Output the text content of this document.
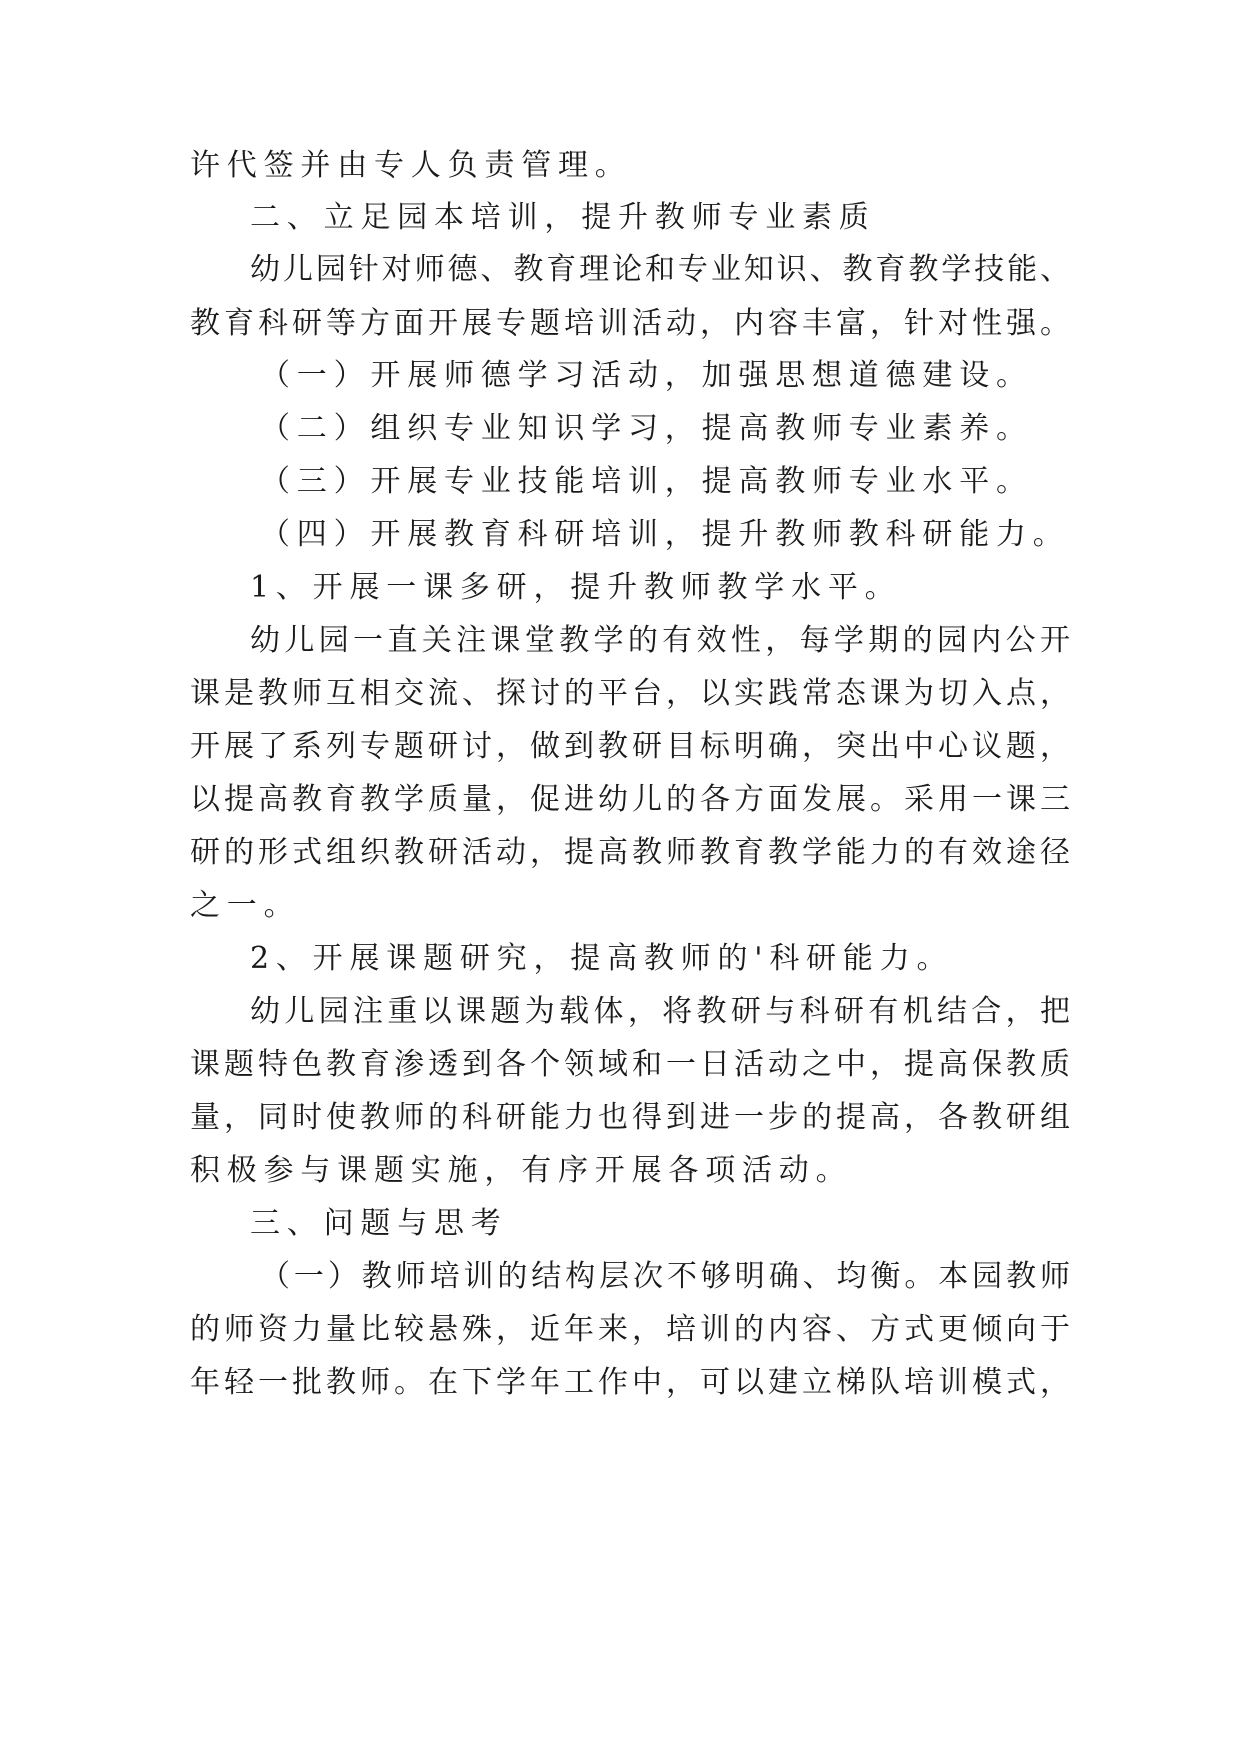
许代签并由专人负责管理。
二、立足园本培训，提升教师专业素质
幼儿园针对师德、教育理论和专业知识、教育教学技能、
教育科研等方面开展专题培训活动，内容丰富，针对性强。
（一）开展师德学习活动，加强思想道德建设。
（二）组织专业知识学习，提高教师专业素养。
（三）开展专业技能培训，提高教师专业水平。
（四）开展教育科研培训，提升教师教科研能力。
1、开展一课多研，提升教师教学水平。
幼儿园一直关注课堂教学的有效性，每学期的园内公开
课是教师互相交流、探讨的平台，以实践常态课为切入点，
开展了系列专题研讨，做到教研目标明确，突出中心议题，
以提高教育教学质量，促进幼儿的各方面发展。采用一课三
研的形式组织教研活动，提高教师教育教学能力的有效途径
之一。
2、开展课题研究，提高教师的'科研能力。
幼儿园注重以课题为载体，将教研与科研有机结合，把
课题特色教育渗透到各个领域和一日活动之中，提高保教质
量，同时使教师的科研能力也得到进一步的提高，各教研组
积极参与课题实施，有序开展各项活动。
三、问题与思考
（一）教师培训的结构层次不够明确、均衡。本园教师
的师资力量比较悬殊，近年来，培训的内容、方式更倾向于
年轻一批教师。在下学年工作中，可以建立梯队培训模式，
